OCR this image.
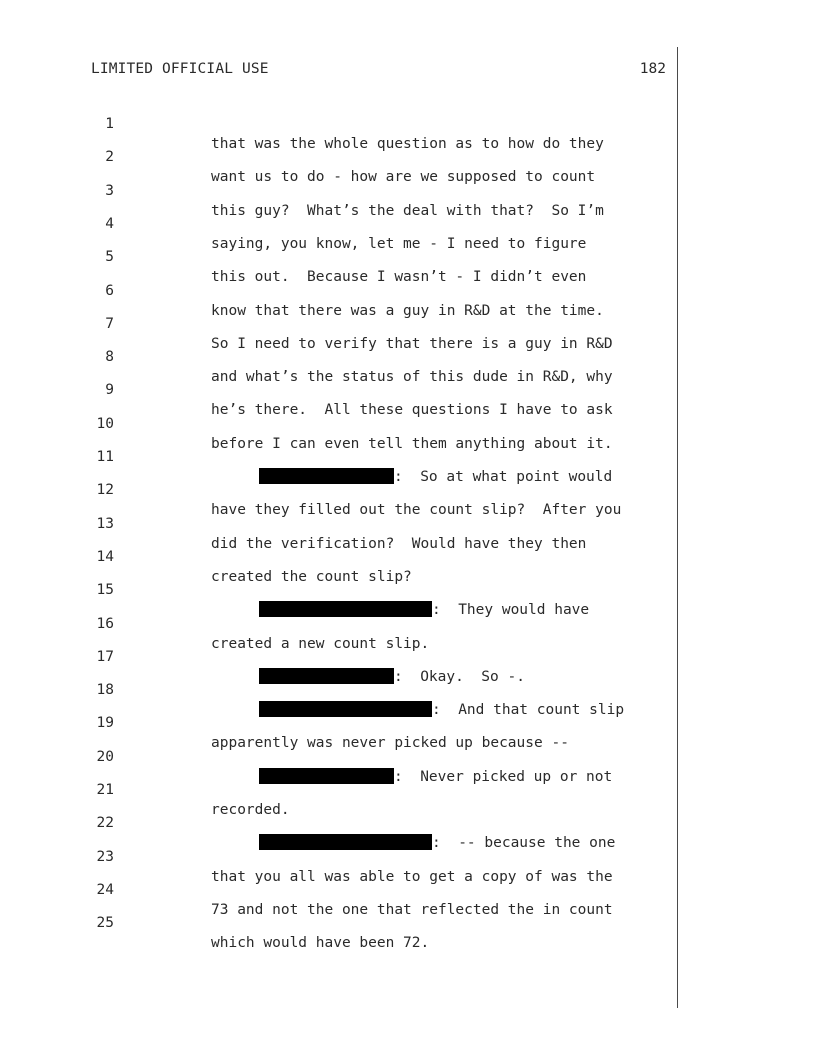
LIMITED OFFICIAL USE	182

1

that was the whole question as to how do they

2

want us to do - how are we supposed to count

3

this guy?  What’s the deal with that?  So I’m

4

saying, you know, let me - I need to figure

5

this out.  Because I wasn’t - I didn’t even

6

know that there was a guy in R&D at the time.

7

So I need to verify that there is a guy in R&D

8

and what’s the status of this dude in R&D, why

9

he’s there.  All these questions I have to ask

10

before I can even tell them anything about it.

11

:  So at what point would

12

have they filled out the count slip?  After you

13

did the verification?  Would have they then

14

created the count slip?

15

:  They would have

16

created a new count slip.

17

:  Okay.  So -.

18

:  And that count slip

19

apparently was never picked up because --

20

:  Never picked up or not

21

recorded.

22

:  -- because the one

23

that you all was able to get a copy of was the

24

73 and not the one that reflected the in count

25

which would have been 72.
